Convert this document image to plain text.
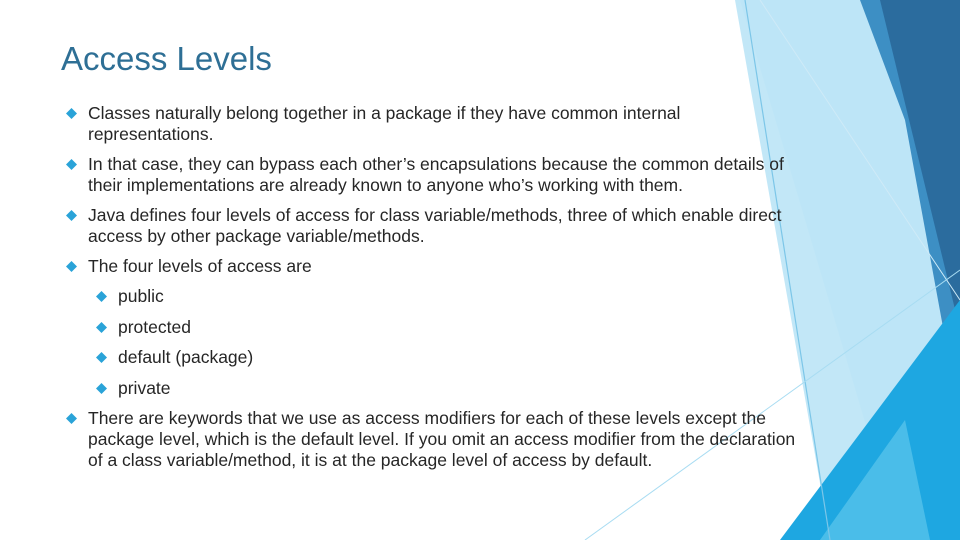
Access Levels
Classes naturally belong together in a package if they have common internal representations.
In that case, they can bypass each other’s encapsulations because the common details of their implementations are already known to anyone who’s working with them.
Java defines four levels of access for class variable/methods, three of which enable direct access by other package variable/methods.
The four levels of access are
public
protected
default (package)
private
There are keywords that we use as access modifiers for each of these levels except the package level, which is the default level. If you omit an access modifier from the declaration of a class variable/method, it is at the package level of access by default.
